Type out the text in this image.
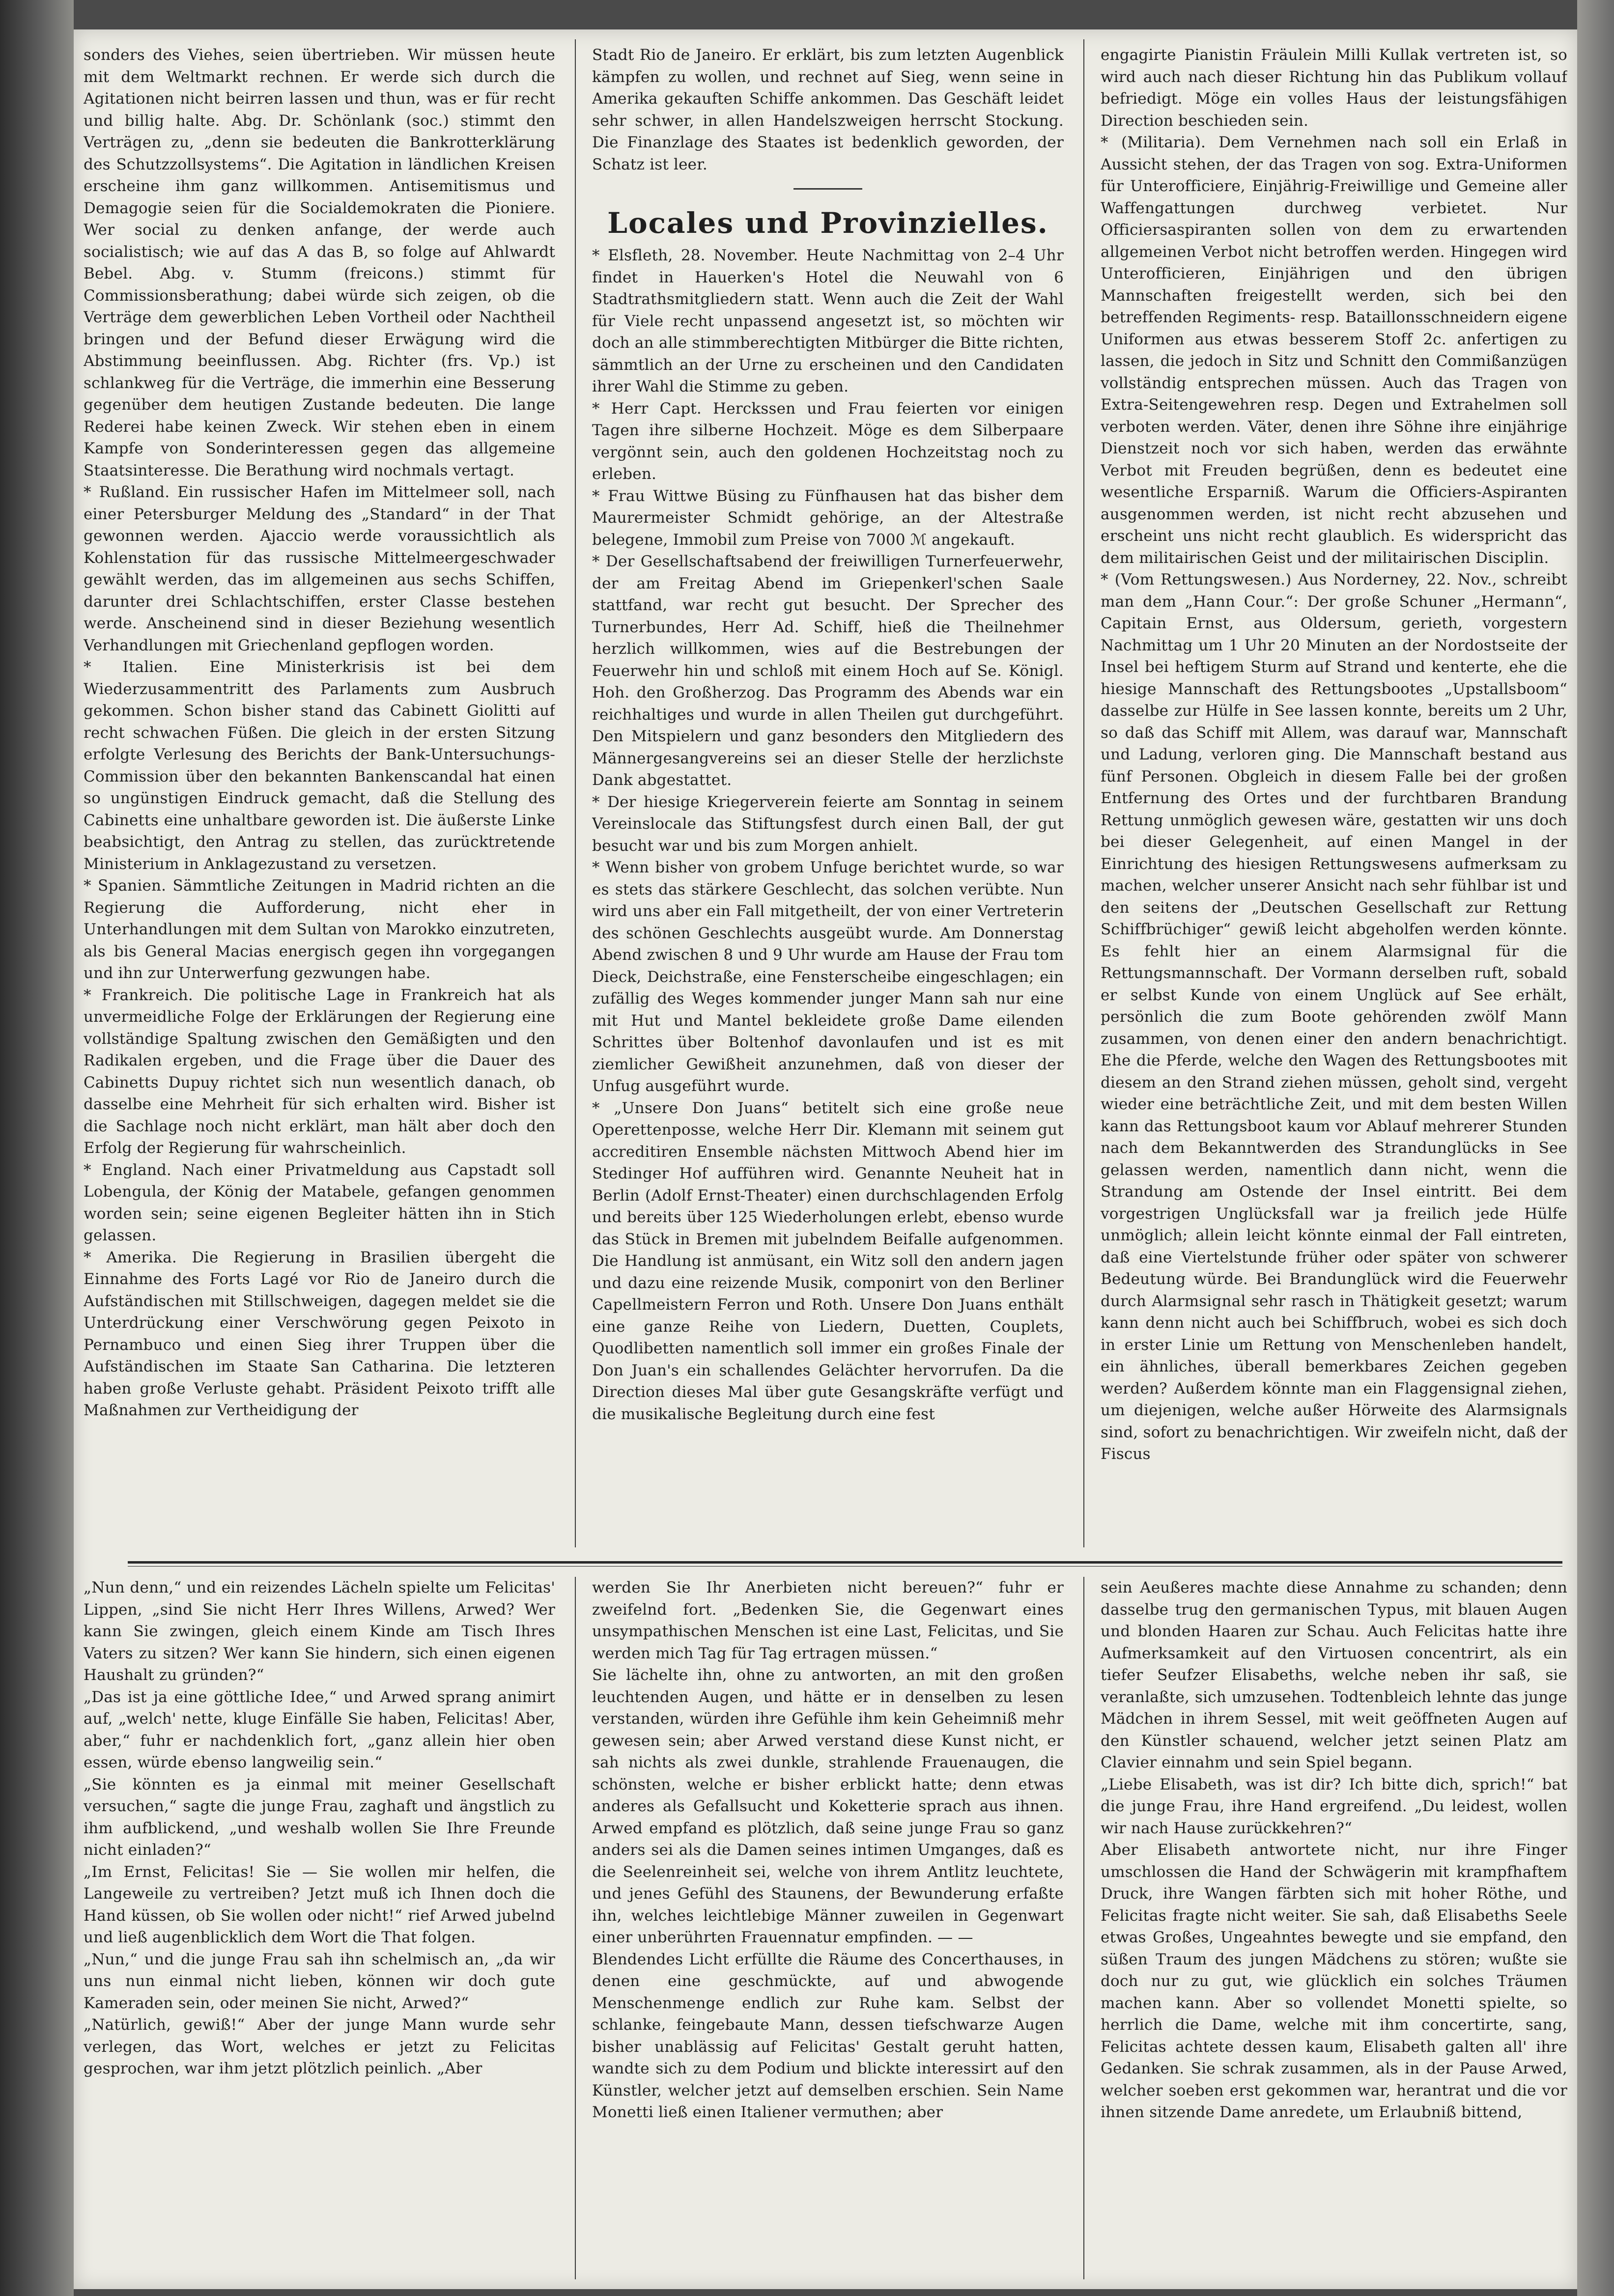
sonders des Viehes, seien übertrieben. Wir müssen heute mit dem Weltmarkt rechnen. Er werde sich durch die Agitationen nicht beirren lassen und thun, was er für recht und billig halte. Abg. Dr. Schönlank (soc.) stimmt den Verträgen zu, „denn sie bedeuten die Bankrotterklärung des Schutzzollsystems“. Die Agitation in ländlichen Kreisen erscheine ihm ganz willkommen. Antisemitismus und Demagogie seien für die Socialdemokraten die Pioniere. Wer social zu denken anfange, der werde auch socialistisch; wie auf das A das B, so folge auf Ahlwardt Bebel. Abg. v. Stumm (freicons.) stimmt für Commissionsberathung; dabei würde sich zeigen, ob die Verträge dem gewerblichen Leben Vortheil oder Nachtheil bringen und der Befund dieser Erwägung wird die Abstimmung beeinflussen. Abg. Richter (frs. Vp.) ist schlankweg für die Verträge, die immerhin eine Besserung gegenüber dem heutigen Zustande bedeuten. Die lange Rederei habe keinen Zweck. Wir stehen eben in einem Kampfe von Sonderinteressen gegen das allgemeine Staatsinteresse. Die Berathung wird nochmals vertagt.

* Rußland. Ein russischer Hafen im Mittelmeer soll, nach einer Petersburger Meldung des „Standard“ in der That gewonnen werden. Ajaccio werde voraussichtlich als Kohlenstation für das russische Mittelmeergeschwader gewählt werden, das im allgemeinen aus sechs Schiffen, darunter drei Schlachtschiffen, erster Classe bestehen werde. Anscheinend sind in dieser Beziehung wesentlich Verhandlungen mit Griechenland gepflogen worden.

* Italien. Eine Ministerkrisis ist bei dem Wiederzusammentritt des Parlaments zum Ausbruch gekommen. Schon bisher stand das Cabinett Giolitti auf recht schwachen Füßen. Die gleich in der ersten Sitzung erfolgte Verlesung des Berichts der Bank-Untersuchungs-Commission über den bekannten Bankenscandal hat einen so ungünstigen Eindruck gemacht, daß die Stellung des Cabinetts eine unhaltbare geworden ist. Die äußerste Linke beabsichtigt, den Antrag zu stellen, das zurücktretende Ministerium in Anklagezustand zu versetzen.

* Spanien. Sämmtliche Zeitungen in Madrid richten an die Regierung die Aufforderung, nicht eher in Unterhandlungen mit dem Sultan von Marokko einzutreten, als bis General Macias energisch gegen ihn vorgegangen und ihn zur Unterwerfung gezwungen habe.

* Frankreich. Die politische Lage in Frankreich hat als unvermeidliche Folge der Erklärungen der Regierung eine vollständige Spaltung zwischen den Gemäßigten und den Radikalen ergeben, und die Frage über die Dauer des Cabinetts Dupuy richtet sich nun wesentlich danach, ob dasselbe eine Mehrheit für sich erhalten wird. Bisher ist die Sachlage noch nicht erklärt, man hält aber doch den Erfolg der Regierung für wahrscheinlich.

* England. Nach einer Privatmeldung aus Capstadt soll Lobengula, der König der Matabele, gefangen genommen worden sein; seine eigenen Begleiter hätten ihn in Stich gelassen.

* Amerika. Die Regierung in Brasilien übergeht die Einnahme des Forts Lagé vor Rio de Janeiro durch die Aufständischen mit Stillschweigen, dagegen meldet sie die Unterdrückung einer Verschwörung gegen Peixoto in Pernambuco und einen Sieg ihrer Truppen über die Aufständischen im Staate San Catharina. Die letzteren haben große Verluste gehabt. Präsident Peixoto trifft alle Maßnahmen zur Vertheidigung der

Stadt Rio de Janeiro. Er erklärt, bis zum letzten Augenblick kämpfen zu wollen, und rechnet auf Sieg, wenn seine in Amerika gekauften Schiffe ankommen. Das Geschäft leidet sehr schwer, in allen Handelszweigen herrscht Stockung. Die Finanzlage des Staates ist bedenklich geworden, der Schatz ist leer.

Locales und Provinzielles.

* Elsfleth, 28. November. Heute Nachmittag von 2–4 Uhr findet in Hauerken's Hotel die Neuwahl von 6 Stadtrathsmitgliedern statt. Wenn auch die Zeit der Wahl für Viele recht unpassend angesetzt ist, so möchten wir doch an alle stimmberechtigten Mitbürger die Bitte richten, sämmtlich an der Urne zu erscheinen und den Candidaten ihrer Wahl die Stimme zu geben.

* Herr Capt. Herckssen und Frau feierten vor einigen Tagen ihre silberne Hochzeit. Möge es dem Silberpaare vergönnt sein, auch den goldenen Hochzeitstag noch zu erleben.

* Frau Wittwe Büsing zu Fünfhausen hat das bisher dem Maurermeister Schmidt gehörige, an der Altestraße belegene, Immobil zum Preise von 7000 ℳ angekauft.

* Der Gesellschaftsabend der freiwilligen Turnerfeuerwehr, der am Freitag Abend im Griepenkerl'schen Saale stattfand, war recht gut besucht. Der Sprecher des Turnerbundes, Herr Ad. Schiff, hieß die Theilnehmer herzlich willkommen, wies auf die Bestrebungen der Feuerwehr hin und schloß mit einem Hoch auf Se. Königl. Hoh. den Großherzog. Das Programm des Abends war ein reichhaltiges und wurde in allen Theilen gut durchgeführt. Den Mitspielern und ganz besonders den Mitgliedern des Männergesangvereins sei an dieser Stelle der herzlichste Dank abgestattet.

* Der hiesige Kriegerverein feierte am Sonntag in seinem Vereinslocale das Stiftungsfest durch einen Ball, der gut besucht war und bis zum Morgen anhielt.

* Wenn bisher von grobem Unfuge berichtet wurde, so war es stets das stärkere Geschlecht, das solchen verübte. Nun wird uns aber ein Fall mitgetheilt, der von einer Vertreterin des schönen Geschlechts ausgeübt wurde. Am Donnerstag Abend zwischen 8 und 9 Uhr wurde am Hause der Frau tom Dieck, Deichstraße, eine Fensterscheibe eingeschlagen; ein zufällig des Weges kommender junger Mann sah nur eine mit Hut und Mantel bekleidete große Dame eilenden Schrittes über Boltenhof davonlaufen und ist es mit ziemlicher Gewißheit anzunehmen, daß von dieser der Unfug ausgeführt wurde.

* „Unsere Don Juans“ betitelt sich eine große neue Operettenposse, welche Herr Dir. Klemann mit seinem gut accreditiren Ensemble nächsten Mittwoch Abend hier im Stedinger Hof aufführen wird. Genannte Neuheit hat in Berlin (Adolf Ernst-Theater) einen durchschlagenden Erfolg und bereits über 125 Wiederholungen erlebt, ebenso wurde das Stück in Bremen mit jubelndem Beifalle aufgenommen. Die Handlung ist anmüsant, ein Witz soll den andern jagen und dazu eine reizende Musik, componirt von den Berliner Capellmeistern Ferron und Roth. Unsere Don Juans enthält eine ganze Reihe von Liedern, Duetten, Couplets, Quodlibetten namentlich soll immer ein großes Finale der Don Juan's ein schallendes Gelächter hervorrufen. Da die Direction dieses Mal über gute Gesangskräfte verfügt und die musikalische Begleitung durch eine fest

engagirte Pianistin Fräulein Milli Kullak vertreten ist, so wird auch nach dieser Richtung hin das Publikum vollauf befriedigt. Möge ein volles Haus der leistungsfähigen Direction beschieden sein.

* (Militaria). Dem Vernehmen nach soll ein Erlaß in Aussicht stehen, der das Tragen von sog. Extra-Uniformen für Unterofficiere, Einjährig-Freiwillige und Gemeine aller Waffengattungen durchweg verbietet. Nur Officiersaspiranten sollen von dem zu erwartenden allgemeinen Verbot nicht betroffen werden. Hingegen wird Unterofficieren, Einjährigen und den übrigen Mannschaften freigestellt werden, sich bei den betreffenden Regiments- resp. Bataillonsschneidern eigene Uniformen aus etwas besserem Stoff 2c. anfertigen zu lassen, die jedoch in Sitz und Schnitt den Commißanzügen vollständig entsprechen müssen. Auch das Tragen von Extra-Seitengewehren resp. Degen und Extrahelmen soll verboten werden. Väter, denen ihre Söhne ihre einjährige Dienstzeit noch vor sich haben, werden das erwähnte Verbot mit Freuden begrüßen, denn es bedeutet eine wesentliche Ersparniß. Warum die Officiers-Aspiranten ausgenommen werden, ist nicht recht abzusehen und erscheint uns nicht recht glaublich. Es widerspricht das dem militairischen Geist und der militairischen Disciplin.

* (Vom Rettungswesen.) Aus Norderney, 22. Nov., schreibt man dem „Hann Cour.“: Der große Schuner „Hermann“, Capitain Ernst, aus Oldersum, gerieth, vorgestern Nachmittag um 1 Uhr 20 Minuten an der Nordostseite der Insel bei heftigem Sturm auf Strand und kenterte, ehe die hiesige Mannschaft des Rettungsbootes „Upstallsboom“ dasselbe zur Hülfe in See lassen konnte, bereits um 2 Uhr, so daß das Schiff mit Allem, was darauf war, Mannschaft und Ladung, verloren ging. Die Mannschaft bestand aus fünf Personen. Obgleich in diesem Falle bei der großen Entfernung des Ortes und der furchtbaren Brandung Rettung unmöglich gewesen wäre, gestatten wir uns doch bei dieser Gelegenheit, auf einen Mangel in der Einrichtung des hiesigen Rettungswesens aufmerksam zu machen, welcher unserer Ansicht nach sehr fühlbar ist und den seitens der „Deutschen Gesellschaft zur Rettung Schiffbrüchiger“ gewiß leicht abgeholfen werden könnte. Es fehlt hier an einem Alarmsignal für die Rettungsmannschaft. Der Vormann derselben ruft, sobald er selbst Kunde von einem Unglück auf See erhält, persönlich die zum Boote gehörenden zwölf Mann zusammen, von denen einer den andern benachrichtigt. Ehe die Pferde, welche den Wagen des Rettungsbootes mit diesem an den Strand ziehen müssen, geholt sind, vergeht wieder eine beträchtliche Zeit, und mit dem besten Willen kann das Rettungsboot kaum vor Ablauf mehrerer Stunden nach dem Bekanntwerden des Strandunglücks in See gelassen werden, namentlich dann nicht, wenn die Strandung am Ostende der Insel eintritt. Bei dem vorgestrigen Unglücksfall war ja freilich jede Hülfe unmöglich; allein leicht könnte einmal der Fall eintreten, daß eine Viertelstunde früher oder später von schwerer Bedeutung würde. Bei Brandunglück wird die Feuerwehr durch Alarmsignal sehr rasch in Thätigkeit gesetzt; warum kann denn nicht auch bei Schiffbruch, wobei es sich doch in erster Linie um Rettung von Menschenleben handelt, ein ähnliches, überall bemerkbares Zeichen gegeben werden? Außerdem könnte man ein Flaggensignal ziehen, um diejenigen, welche außer Hörweite des Alarmsignals sind, sofort zu benachrichtigen. Wir zweifeln nicht, daß der Fiscus

„Nun denn,“ und ein reizendes Lächeln spielte um Felicitas' Lippen, „sind Sie nicht Herr Ihres Willens, Arwed? Wer kann Sie zwingen, gleich einem Kinde am Tisch Ihres Vaters zu sitzen? Wer kann Sie hindern, sich einen eigenen Haushalt zu gründen?“

„Das ist ja eine göttliche Idee,“ und Arwed sprang animirt auf, „welch' nette, kluge Einfälle Sie haben, Felicitas! Aber, aber,“ fuhr er nachdenklich fort, „ganz allein hier oben essen, würde ebenso langweilig sein.“

„Sie könnten es ja einmal mit meiner Gesellschaft versuchen,“ sagte die junge Frau, zaghaft und ängstlich zu ihm aufblickend, „und weshalb wollen Sie Ihre Freunde nicht einladen?“

„Im Ernst, Felicitas! Sie — Sie wollen mir helfen, die Langeweile zu vertreiben? Jetzt muß ich Ihnen doch die Hand küssen, ob Sie wollen oder nicht!“ rief Arwed jubelnd und ließ augenblicklich dem Wort die That folgen.

„Nun,“ und die junge Frau sah ihn schelmisch an, „da wir uns nun einmal nicht lieben, können wir doch gute Kameraden sein, oder meinen Sie nicht, Arwed?“

„Natürlich, gewiß!“ Aber der junge Mann wurde sehr verlegen, das Wort, welches er jetzt zu Felicitas gesprochen, war ihm jetzt plötzlich peinlich. „Aber

werden Sie Ihr Anerbieten nicht bereuen?“ fuhr er zweifelnd fort. „Bedenken Sie, die Gegenwart eines unsympathischen Menschen ist eine Last, Felicitas, und Sie werden mich Tag für Tag ertragen müssen.“

Sie lächelte ihn, ohne zu antworten, an mit den großen leuchtenden Augen, und hätte er in denselben zu lesen verstanden, würden ihre Gefühle ihm kein Geheimniß mehr gewesen sein; aber Arwed verstand diese Kunst nicht, er sah nichts als zwei dunkle, strahlende Frauenaugen, die schönsten, welche er bisher erblickt hatte; denn etwas anderes als Gefallsucht und Koketterie sprach aus ihnen. Arwed empfand es plötzlich, daß seine junge Frau so ganz anders sei als die Damen seines intimen Umganges, daß es die Seelenreinheit sei, welche von ihrem Antlitz leuchtete, und jenes Gefühl des Staunens, der Bewunderung erfaßte ihn, welches leichtlebige Männer zuweilen in Gegenwart einer unberührten Frauennatur empfinden. — —

Blendendes Licht erfüllte die Räume des Concerthauses, in denen eine geschmückte, auf und abwogende Menschenmenge endlich zur Ruhe kam. Selbst der schlanke, feingebaute Mann, dessen tiefschwarze Augen bisher unablässig auf Felicitas' Gestalt geruht hatten, wandte sich zu dem Podium und blickte interessirt auf den Künstler, welcher jetzt auf demselben erschien. Sein Name Monetti ließ einen Italiener vermuthen; aber

sein Aeußeres machte diese Annahme zu schanden; denn dasselbe trug den germanischen Typus, mit blauen Augen und blonden Haaren zur Schau. Auch Felicitas hatte ihre Aufmerksamkeit auf den Virtuosen concentrirt, als ein tiefer Seufzer Elisabeths, welche neben ihr saß, sie veranlaßte, sich umzusehen. Todtenbleich lehnte das junge Mädchen in ihrem Sessel, mit weit geöffneten Augen auf den Künstler schauend, welcher jetzt seinen Platz am Clavier einnahm und sein Spiel begann.

„Liebe Elisabeth, was ist dir? Ich bitte dich, sprich!“ bat die junge Frau, ihre Hand ergreifend. „Du leidest, wollen wir nach Hause zurückkehren?“

Aber Elisabeth antwortete nicht, nur ihre Finger umschlossen die Hand der Schwägerin mit krampfhaftem Druck, ihre Wangen färbten sich mit hoher Röthe, und Felicitas fragte nicht weiter. Sie sah, daß Elisabeths Seele etwas Großes, Ungeahntes bewegte und sie empfand, den süßen Traum des jungen Mädchens zu stören; wußte sie doch nur zu gut, wie glücklich ein solches Träumen machen kann. Aber so vollendet Monetti spielte, so herrlich die Dame, welche mit ihm concertirte, sang, Felicitas achtete dessen kaum, Elisabeth galten all' ihre Gedanken. Sie schrak zusammen, als in der Pause Arwed, welcher soeben erst gekommen war, herantrat und die vor ihnen sitzende Dame anredete, um Erlaubniß bittend,
